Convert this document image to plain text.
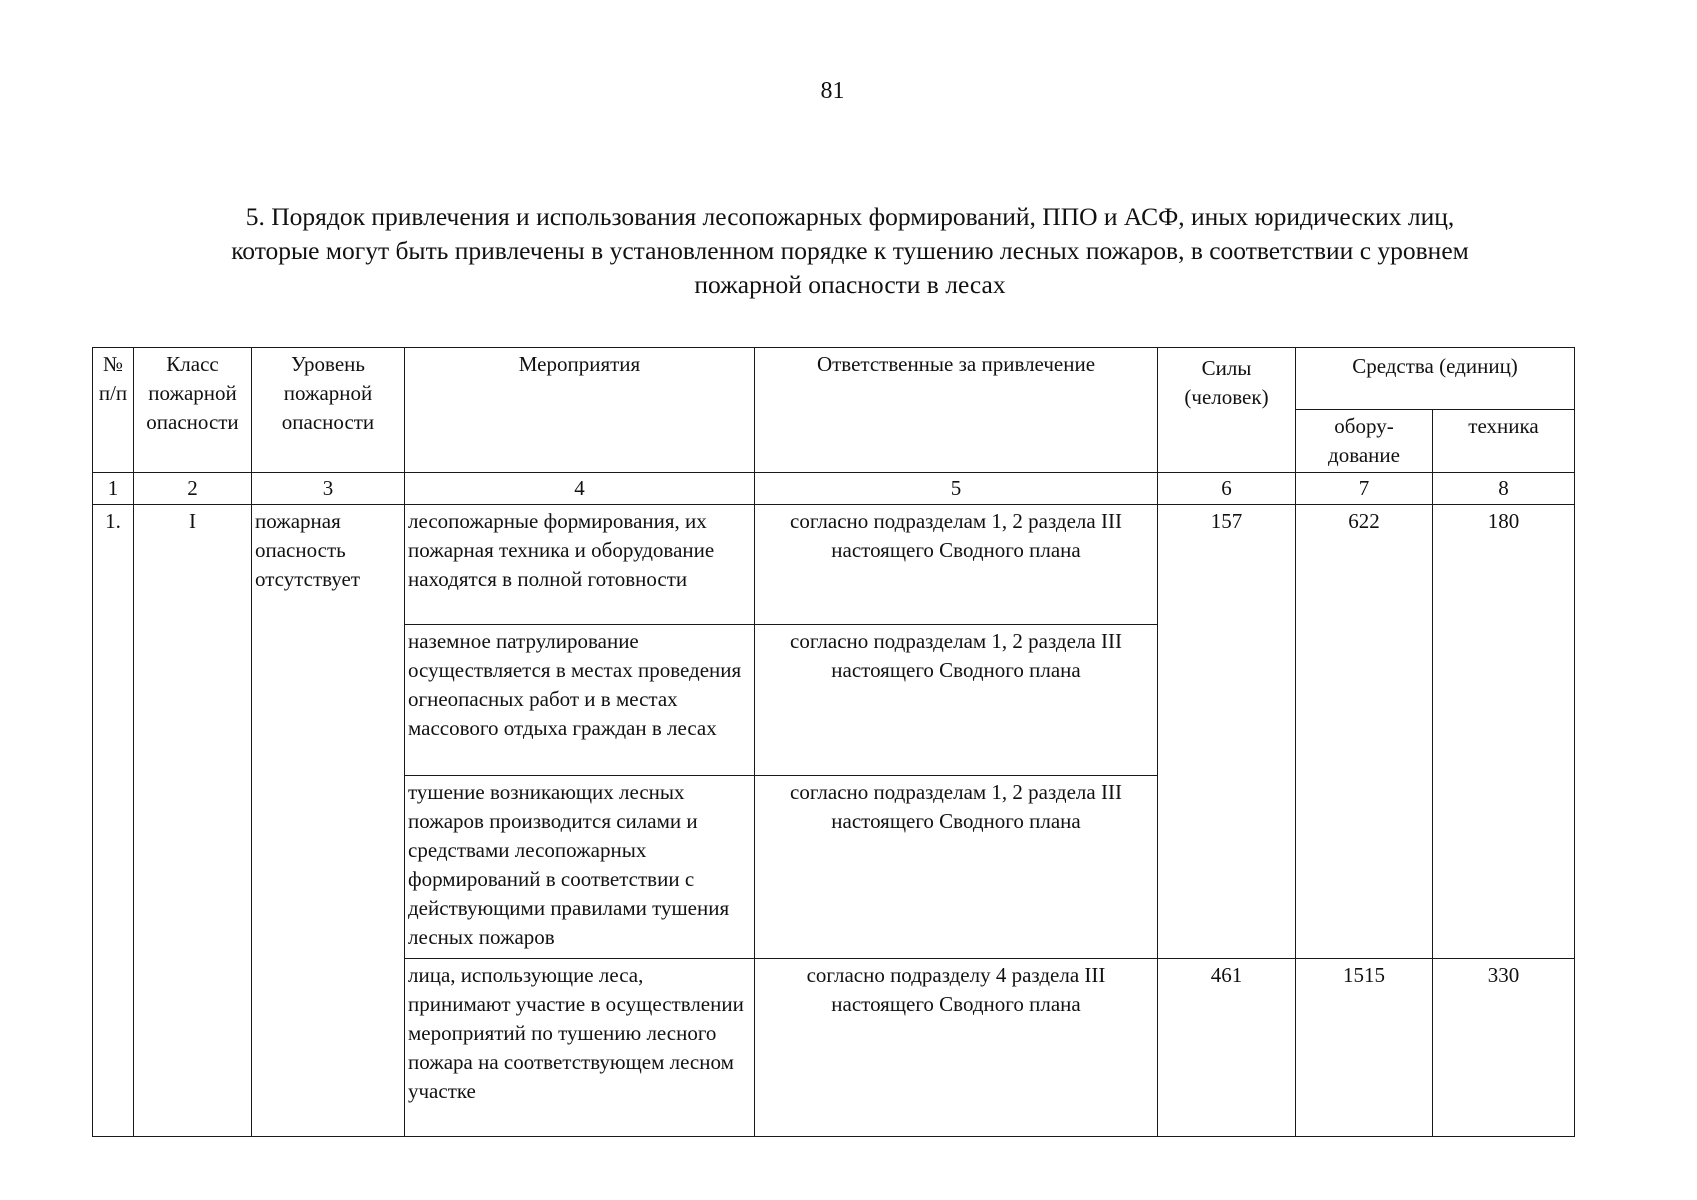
81
5. Порядок привлечения и использования лесопожарных формирований, ППО и АСФ, иных юридических лиц,
которые могут быть привлечены в установленном порядке к тушению лесных пожаров, в соответствии с уровнем
пожарной опасности в лесах
№ п/п	Класс пожарной опасности	Уровень пожарной опасности	Мероприятия	Ответственные за привлечение	Силы (человек)	Средства (единиц)	
						обору- дование	техника
1	2	3	4	5	6	7	8
1.	I	пожарная опасность отсутствует	лесопожарные формирования, их пожарная техника и оборудование находятся в полной готовности	согласно подразделам 1, 2 раздела III настоящего Сводного плана	157	622	180
			наземное патрулирование осуществляется в местах проведения огнеопасных работ и в местах массового отдыха граждан в лесах	согласно подразделам 1, 2 раздела III настоящего Сводного плана			
			тушение возникающих лесных пожаров производится силами и средствами лесопожарных формирований в соответствии с действующими правилами тушения лесных пожаров	согласно подразделам 1, 2 раздела III настоящего Сводного плана			
			лица, использующие леса, принимают участие в осуществлении мероприятий по тушению лесного пожара на соответствующем лесном участке	согласно подразделу 4 раздела III настоящего Сводного плана	461	1515	330
